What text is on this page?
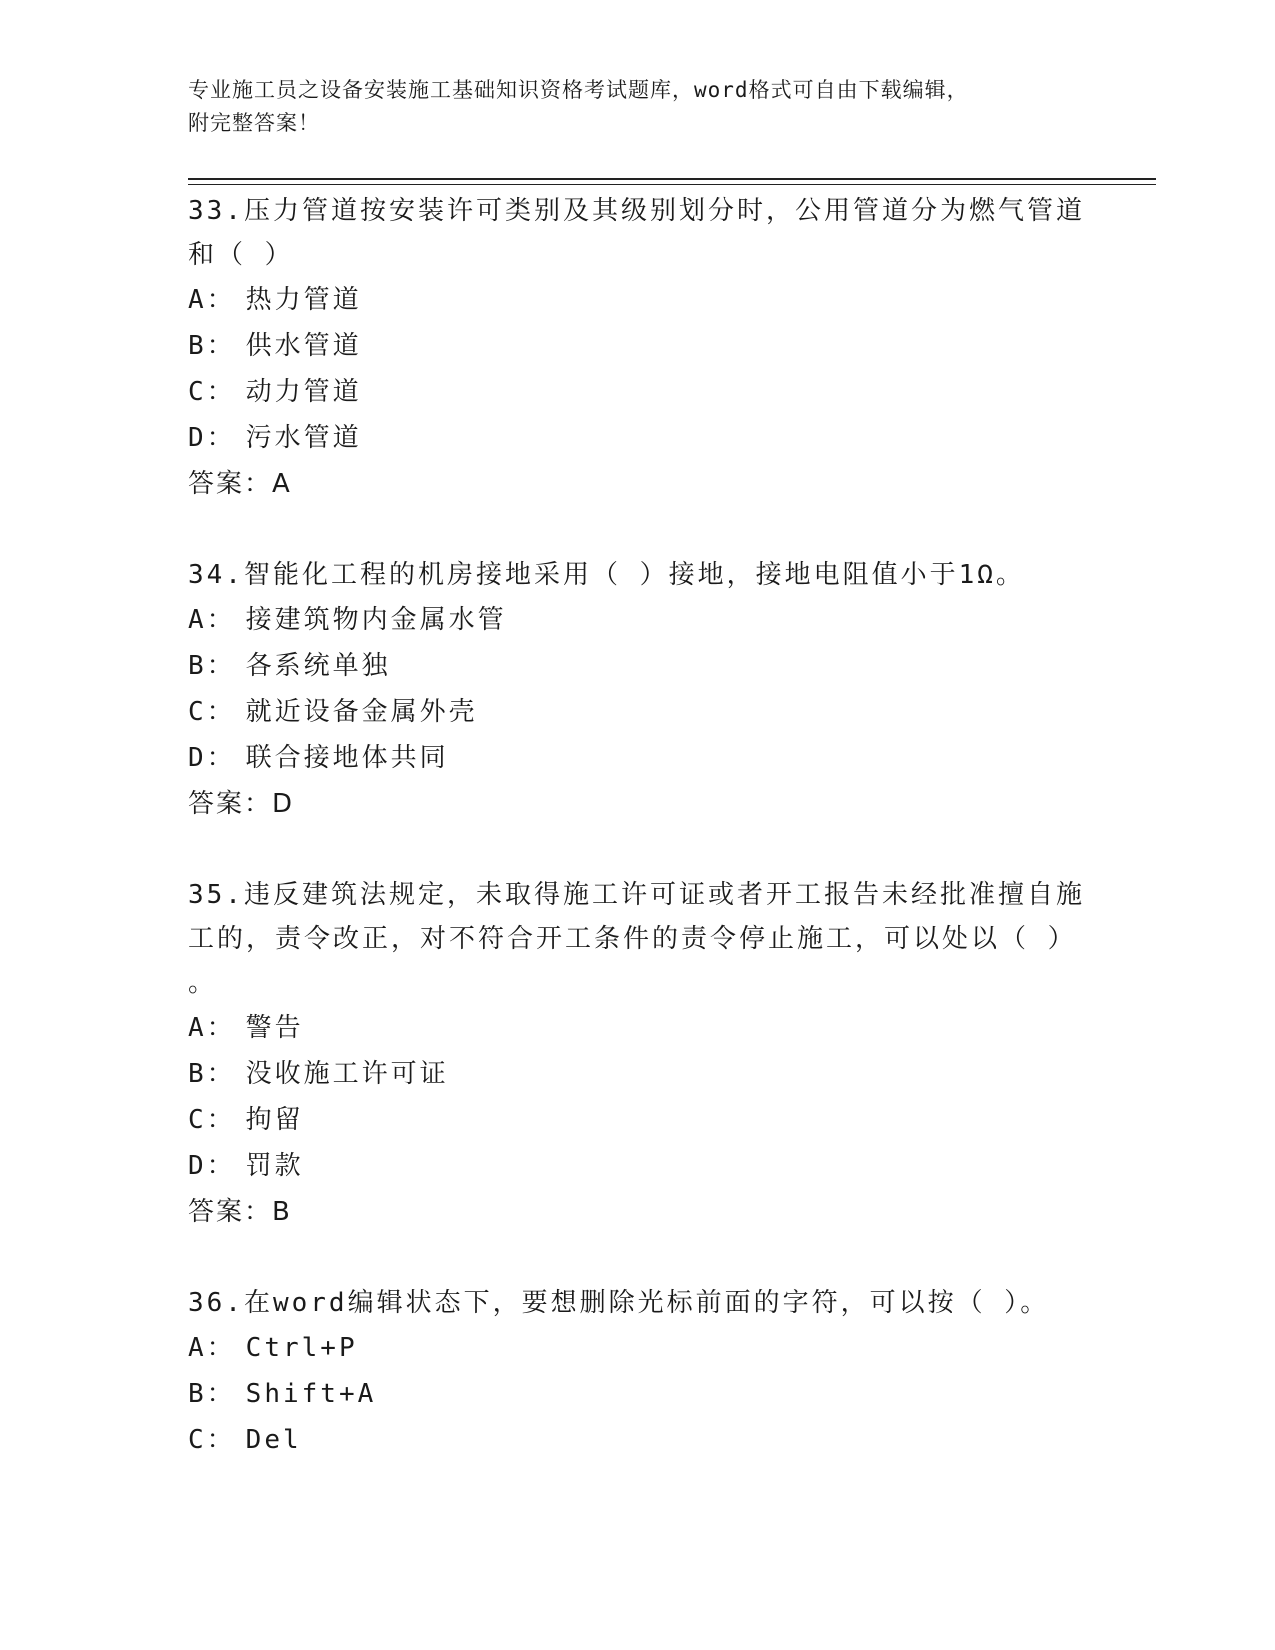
专业施工员之设备安装施工基础知识资格考试题库，word格式可自由下载编辑，
附完整答案！
33.压力管道按安装许可类别及其级别划分时，公用管道分为燃气管道
和（ ）
A： 热力管道
B： 供水管道
C： 动力管道
D： 污水管道
答案：A
34.智能化工程的机房接地采用（ ）接地，接地电阻值小于1Ω。
A： 接建筑物内金属水管
B： 各系统单独
C： 就近设备金属外壳
D： 联合接地体共同
答案：D
35.违反建筑法规定，未取得施工许可证或者开工报告未经批准擅自施
工的，责令改正，对不符合开工条件的责令停止施工，可以处以（ ）
。
A： 警告
B： 没收施工许可证
C： 拘留
D： 罚款
答案：B
36.在word编辑状态下，要想删除光标前面的字符，可以按（ ）。
A： Ctrl+P
B： Shift+A
C： Del
